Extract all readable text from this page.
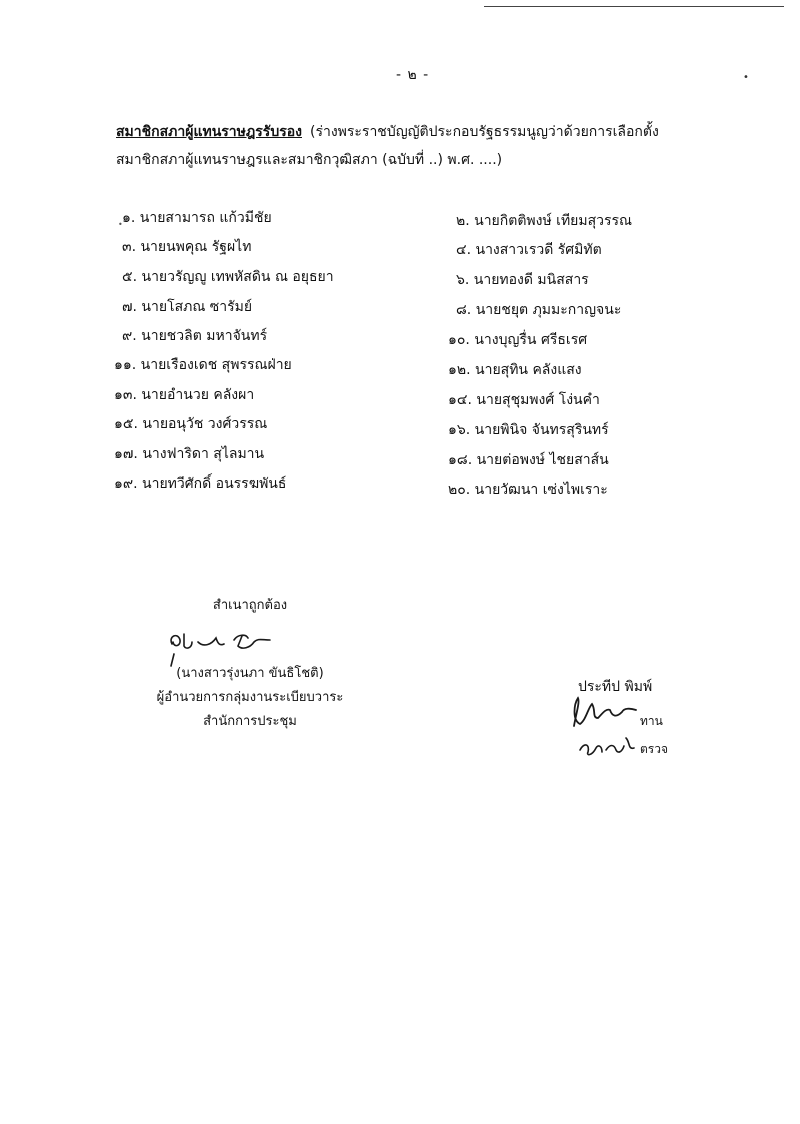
- ๒ -	•
สมาชิกสภาผู้แทนราษฎรรับรอง (ร่างพระราชบัญญัติประกอบรัฐธรรมนูญว่าด้วยการเลือกตั้ง
สมาชิกสภาผู้แทนราษฎรและสมาชิกวุฒิสภา (ฉบับที่ ..) พ.ศ. ....)
• ๑. นายสามารถ แก้วมีชัย	๒. นายกิตติพงษ์ เทียมสุวรรณ
๓. นายนพคุณ รัฐผไท	๔. นางสาวเรวดี รัศมิทัต
๕. นายวรัญญู เทพหัสดิน ณ อยุธยา	๖. นายทองดี มนิสสาร
๗. นายโสภณ ซารัมย์	๘. นายชยุต ภุมมะกาญจนะ
๙. นายชวลิต มหาจันทร์	๑๐. นางบุญรื่น ศรีธเรศ
๑๑. นายเรืองเดช สุพรรณฝ่าย	๑๒. นายสุทิน คลังแสง
๑๓. นายอำนวย คลังผา	๑๔. นายสุชุมพงศ์ โง่นคำ
๑๕. นายอนุวัช วงศ์วรรณ	๑๖. นายพินิจ จันทรสุรินทร์
๑๗. นางฟาริดา สุไลมาน	๑๘. นายต่อพงษ์ ไชยสาส์น
๑๙. นายทวีศักดิ์ อนรรฆพันธ์	๒๐. นายวัฒนา เซ่งไพเราะ
สำเนาถูกต้อง
(นางสาวรุ่งนภา ขันธิโชติ)
ผู้อำนวยการกลุ่มงานระเบียบวาระ
สำนักการประชุม
ประทีป พิมพ์
ทาน
ตรวจ
